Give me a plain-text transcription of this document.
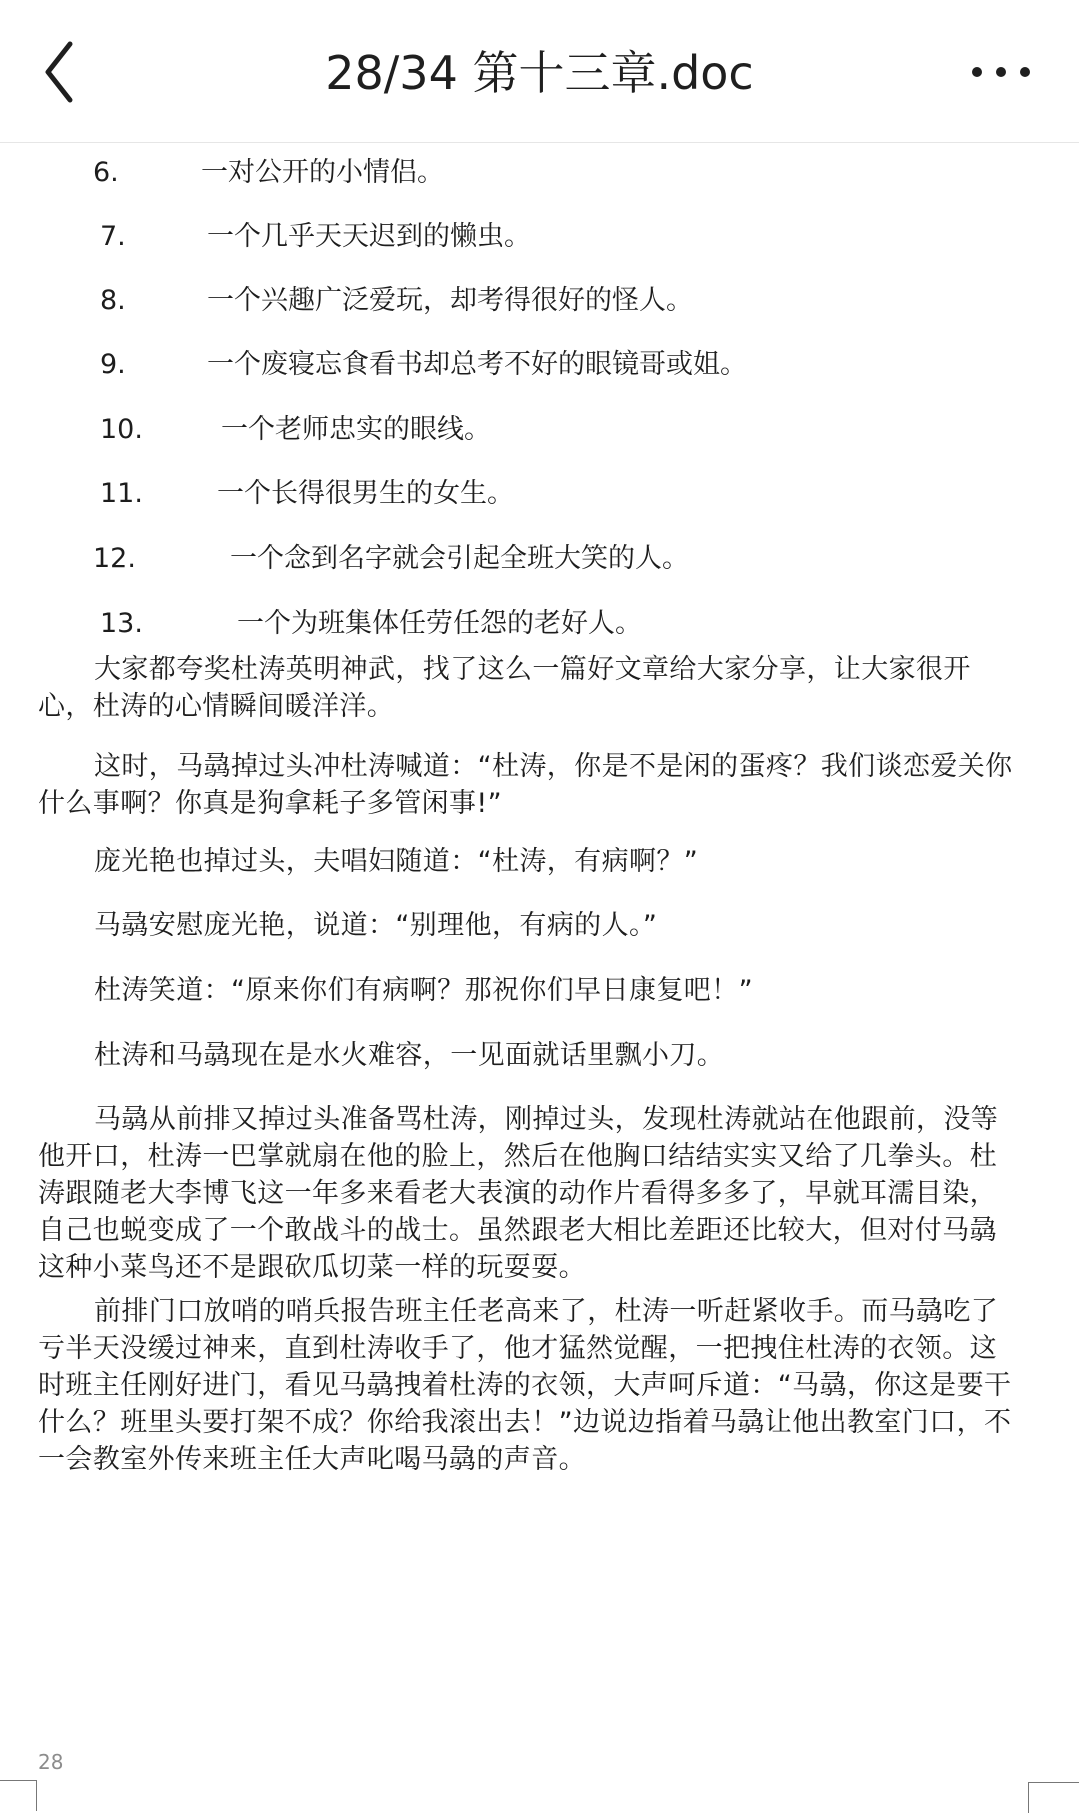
28/34 第十三章.doc
6.	一对公开的小情侣。
7.	一个几乎天天迟到的懒虫。
8.	一个兴趣广泛爱玩，却考得很好的怪人。
9.	一个废寝忘食看书却总考不好的眼镜哥或姐。
10.	一个老师忠实的眼线。
11.	一个长得很男生的女生。
12.	一个念到名字就会引起全班大笑的人。
13.	一个为班集体任劳任怨的老好人。

大家都夸奖杜涛英明神武，找了这么一篇好文章给大家分享，让大家很开心，杜涛的心情瞬间暖洋洋。

这时，马骉掉过头冲杜涛喊道：“杜涛，你是不是闲的蛋疼？我们谈恋爱关你什么事啊？你真是狗拿耗子多管闲事!”

庞光艳也掉过头，夫唱妇随道：“杜涛，有病啊？”

马骉安慰庞光艳，说道：“别理他，有病的人。”

杜涛笑道：“原来你们有病啊？那祝你们早日康复吧！”

杜涛和马骉现在是水火难容，一见面就话里飘小刀。

马骉从前排又掉过头准备骂杜涛，刚掉过头，发现杜涛就站在他跟前，没等他开口，杜涛一巴掌就扇在他的脸上，然后在他胸口结结实实又给了几拳头。杜涛跟随老大李博飞这一年多来看老大表演的动作片看得多多了，早就耳濡目染，自己也蜕变成了一个敢战斗的战士。虽然跟老大相比差距还比较大，但对付马骉这种小菜鸟还不是跟砍瓜切菜一样的玩耍耍。

前排门口放哨的哨兵报告班主任老高来了，杜涛一听赶紧收手。而马骉吃了亏半天没缓过神来，直到杜涛收手了，他才猛然觉醒，一把拽住杜涛的衣领。这时班主任刚好进门，看见马骉拽着杜涛的衣领，大声呵斥道：“马骉，你这是要干什么？班里头要打架不成？你给我滚出去！”边说边指着马骉让他出教室门口，不一会教室外传来班主任大声叱喝马骉的声音。

28
